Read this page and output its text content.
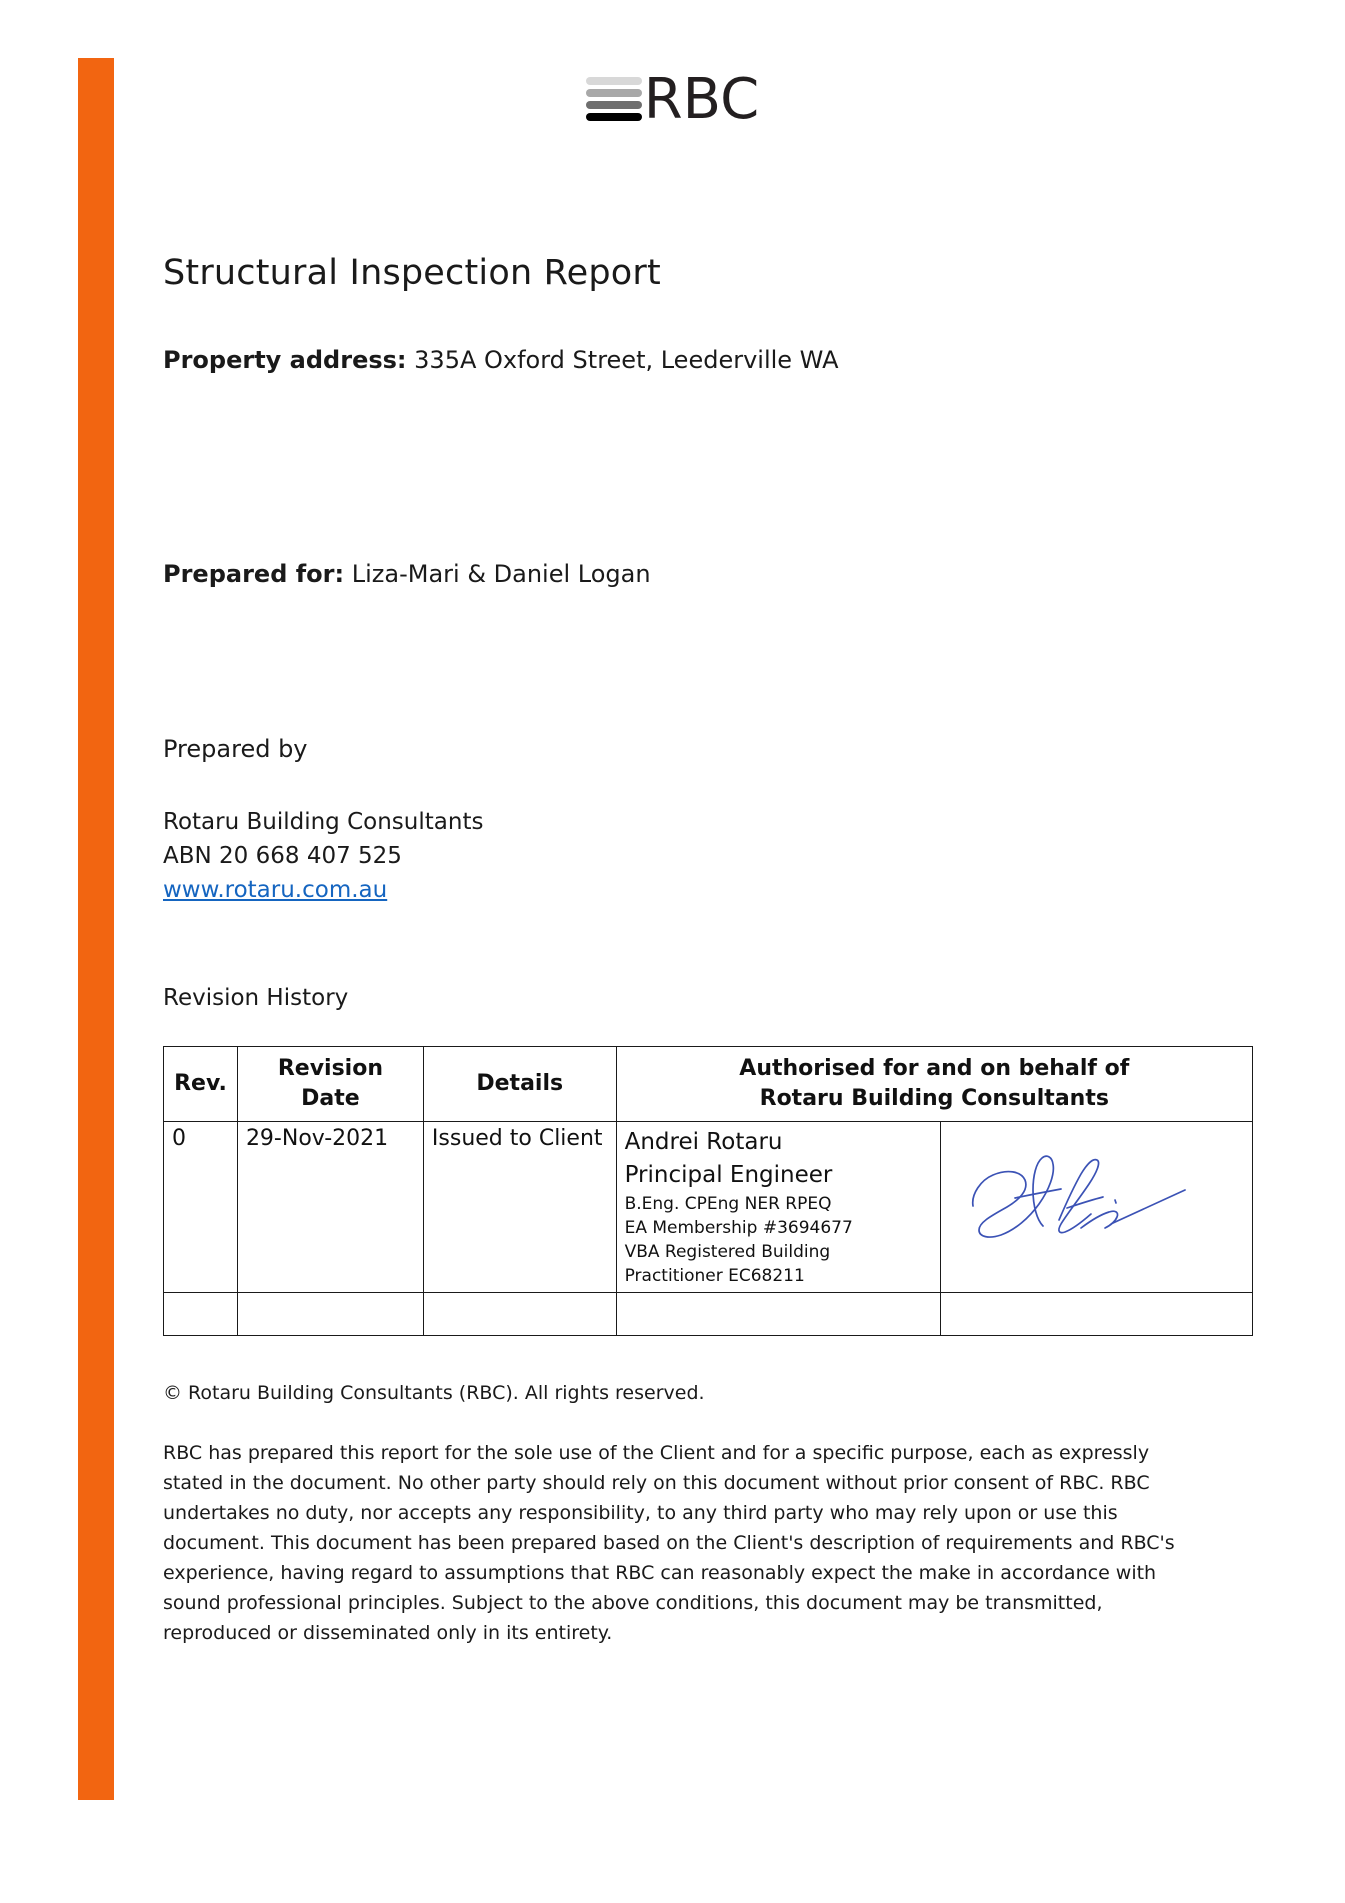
RBC
Structural Inspection Report
Property address: 335A Oxford Street, Leederville WA
Prepared for: Liza-Mari & Daniel Logan
Prepared by
Rotaru Building Consultants
ABN 20 668 407 525
www.rotaru.com.au
Revision History
Rev.	Revision Date	Details	Authorised for and on behalf of
Rotaru Building Consultants	

0	29-Nov-2021	Issued to Client	Andrei Rotaru
Principal Engineer
B.Eng. CPEng NER RPEQ
EA Membership #3694677
VBA Registered Building
Practitioner EC68211

© Rotaru Building Consultants (RBC). All rights reserved.
RBC has prepared this report for the sole use of the Client and for a specific purpose, each as expressly stated in the document. No other party should rely on this document without prior consent of RBC. RBC undertakes no duty, nor accepts any responsibility, to any third party who may rely upon or use this document. This document has been prepared based on the Client's description of requirements and RBC's experience, having regard to assumptions that RBC can reasonably expect the make in accordance with sound professional principles. Subject to the above conditions, this document may be transmitted, reproduced or disseminated only in its entirety.
